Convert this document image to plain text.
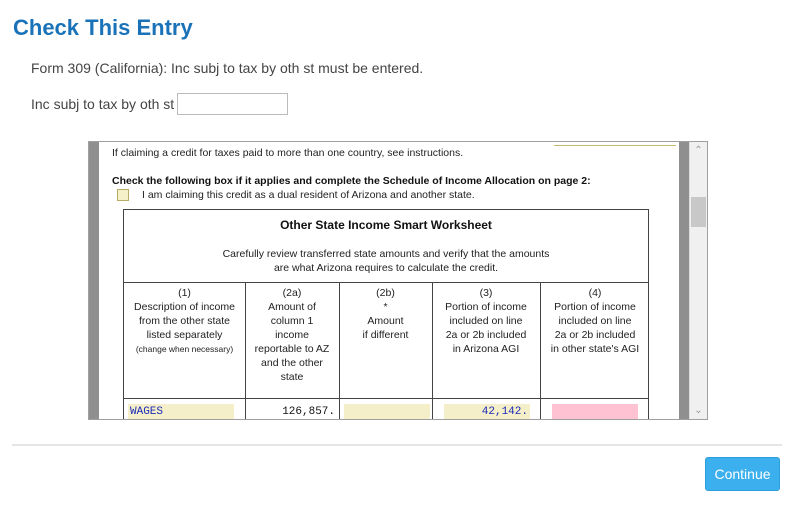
Check This Entry
Form 309 (California): Inc subj to tax by oth st must be entered.
Inc subj to tax by oth st
If claiming a credit for taxes paid to more than one country, see instructions.
Check the following box if it applies and complete the Schedule of Income Allocation on page 2:
I am claiming this credit as a dual resident of Arizona and another state.
Other State Income Smart Worksheet
Carefully review transferred state amounts and verify that the amounts
are what Arizona requires to calculate the credit.
(1)
Description of income
from the other state
listed separately
(change when necessary)
(2a)
Amount of
column 1
income
reportable to AZ
and the other
state
(2b)
*
Amount
if different
(3)
Portion of income
included on line
2a or 2b included
in Arizona AGI
(4)
Portion of income
included on line
2a or 2b included
in other state's AGI
WAGES	126,857.	42,142.
⌃
⌄
Continue
